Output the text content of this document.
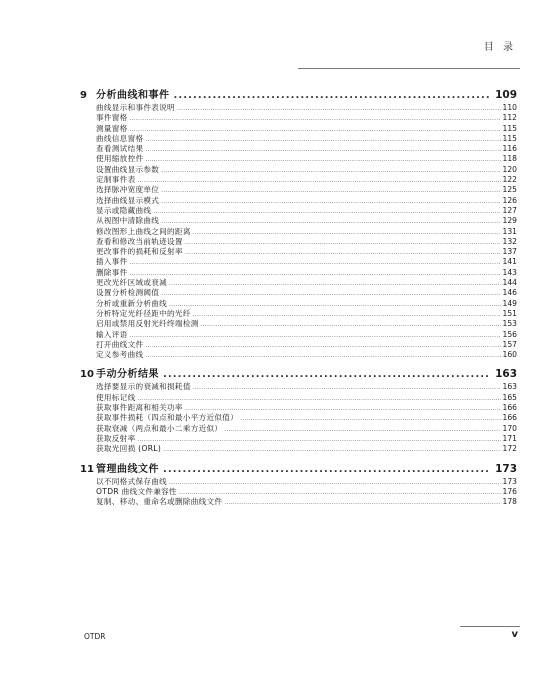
目 录
9 分析曲线和事件 . . .	109
曲线显示和事件表说明 .....	110
事件窗格 .....	112
测量窗格 .....	115
曲线信息窗格 .....	115
查看测试结果 .....	116
使用缩放控件 .....	118
设置曲线显示参数 .....	120
定制事件表 .....	122
选择脉冲宽度单位 .....	125
选择曲线显示模式 .....	126
显示或隐藏曲线 .....	127
从视图中清除曲线 .....	129
修改图形上曲线之间的距离 .....	131
查看和修改当前轨迹设置 .....	132
更改事件的损耗和反射率 .....	137
插入事件 .....	141
删除事件 .....	143
更改光纤区域或衰减 .....	144
设置分析检测阈值 .....	146
分析或重新分析曲线 .....	149
分析特定光纤径距中的光纤 .....	151
启用或禁用反射光纤终端检测 .....	153
输入评语 .....	156
打开曲线文件 .....	157
定义参考曲线 .....	160
10 手动分析结果 . . .	163
选择要显示的衰减和损耗值 .....	163
使用标记线 .....	165
获取事件距离和相关功率 .....	166
获取事件损耗（四点和最小平方近似值） .....	166
获取衰减（两点和最小二乘方近似） .....	170
获取反射率 .....	171
获取光回损 (ORL) .....	172
11 管理曲线文件 . . .	173
以不同格式保存曲线 .....	173
OTDR 曲线文件兼容性 .....	176
复制、移动、重命名或删除曲线文件 .....	178
OTDR	v
